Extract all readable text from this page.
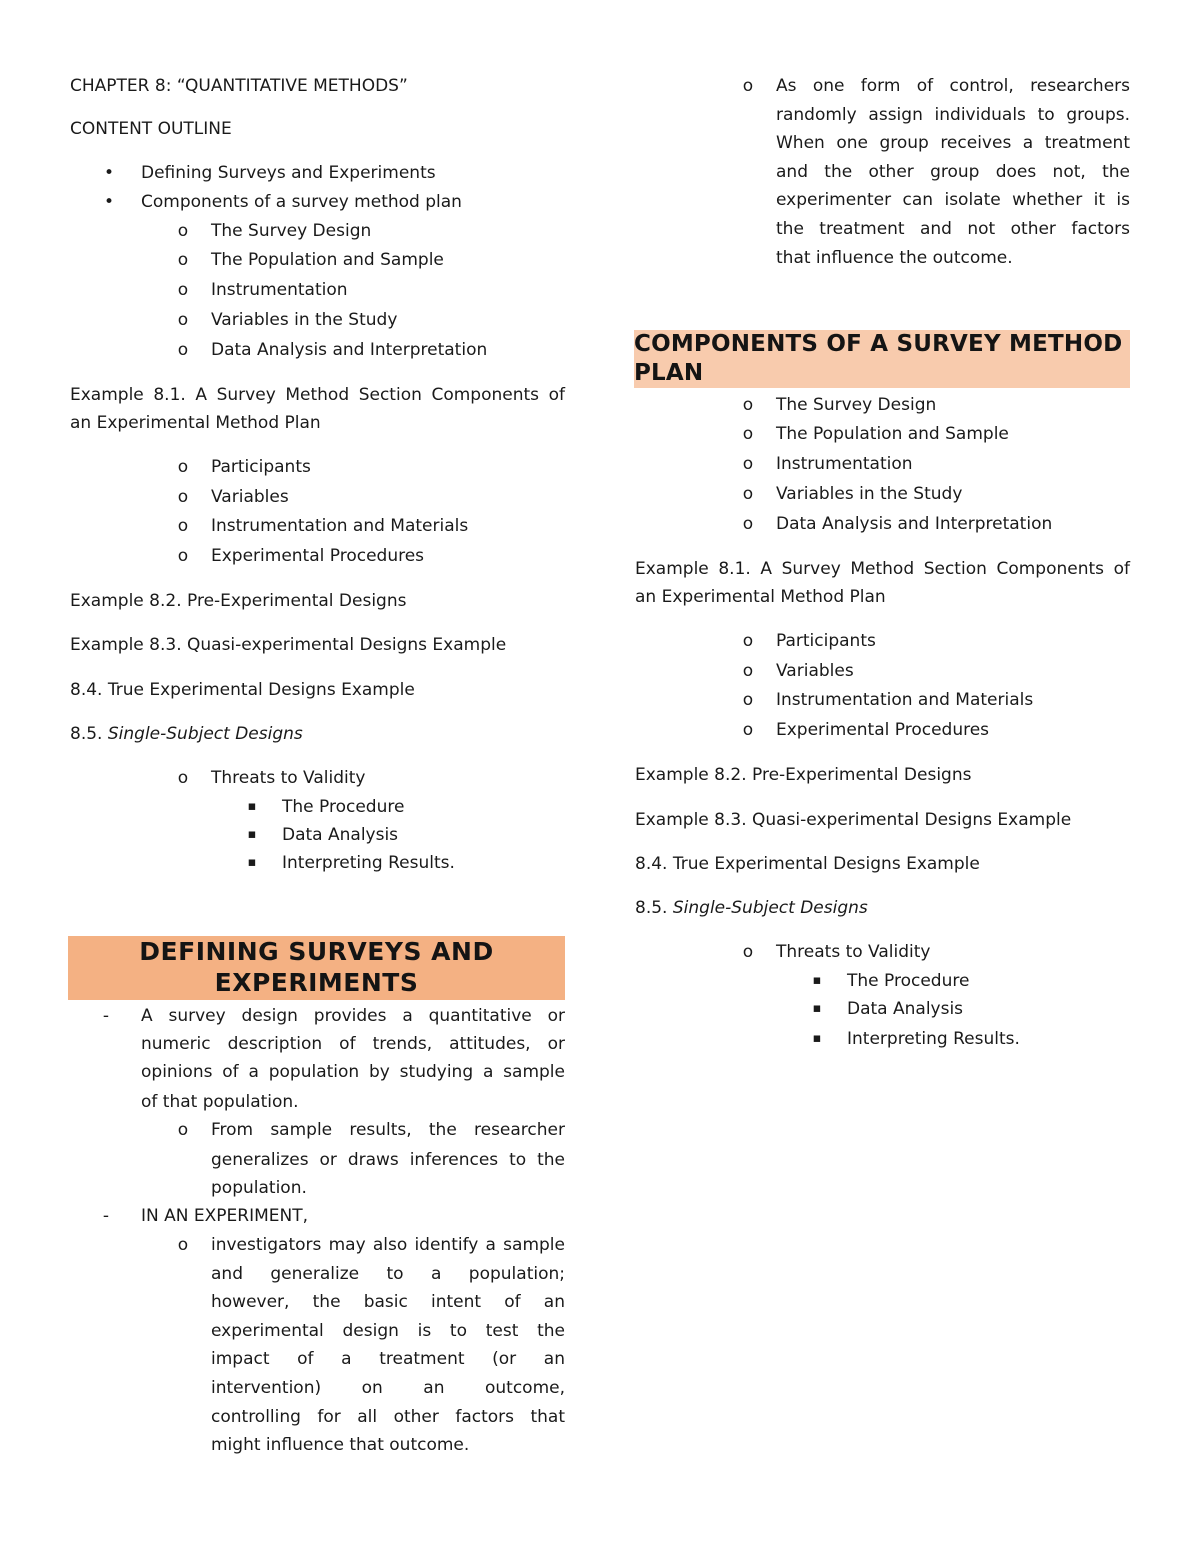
CHAPTER 8: “QUANTITATIVE METHODS”
CONTENT OUTLINE
• Defining Surveys and Experiments
• Components of a survey method plan
o The Survey Design
o The Population and Sample
o Instrumentation
o Variables in the Study
o Data Analysis and Interpretation
Example 8.1. A Survey Method Section Components of
an Experimental Method Plan
o Participants
o Variables
o Instrumentation and Materials
o Experimental Procedures
Example 8.2. Pre-Experimental Designs
Example 8.3. Quasi-experimental Designs Example
8.4. True Experimental Designs Example
8.5. Single-Subject Designs
o Threats to Validity
▪	The Procedure
▪	Data Analysis
▪	Interpreting Results.
DEFINING SURVEYS AND
EXPERIMENTS
-	A survey design provides a quantitative or
numeric description of trends, attitudes, or
opinions of a population by studying a sample
of that population.
o From sample results, the researcher
generalizes or draws inferences to the
population.
-	IN AN EXPERIMENT,
o investigators may also identify a sample
and generalize to a population;
however, the basic intent of an
experimental design is to test the
impact of a treatment (or an
intervention) on an outcome,
controlling for all other factors that
might influence that outcome.
o As one form of control, researchers
randomly assign individuals to groups.
When one group receives a treatment
and the other group does not, the
experimenter can isolate whether it is
the treatment and not other factors
that influence the outcome.
COMPONENTS OF A SURVEY METHOD
PLAN
o The Survey Design
o The Population and Sample
o Instrumentation
o Variables in the Study
o Data Analysis and Interpretation
Example 8.1. A Survey Method Section Components of
an Experimental Method Plan
o Participants
o Variables
o Instrumentation and Materials
o Experimental Procedures
Example 8.2. Pre-Experimental Designs
Example 8.3. Quasi-experimental Designs Example
8.4. True Experimental Designs Example
8.5. Single-Subject Designs
o Threats to Validity
▪	The Procedure
▪	Data Analysis
▪	Interpreting Results.
